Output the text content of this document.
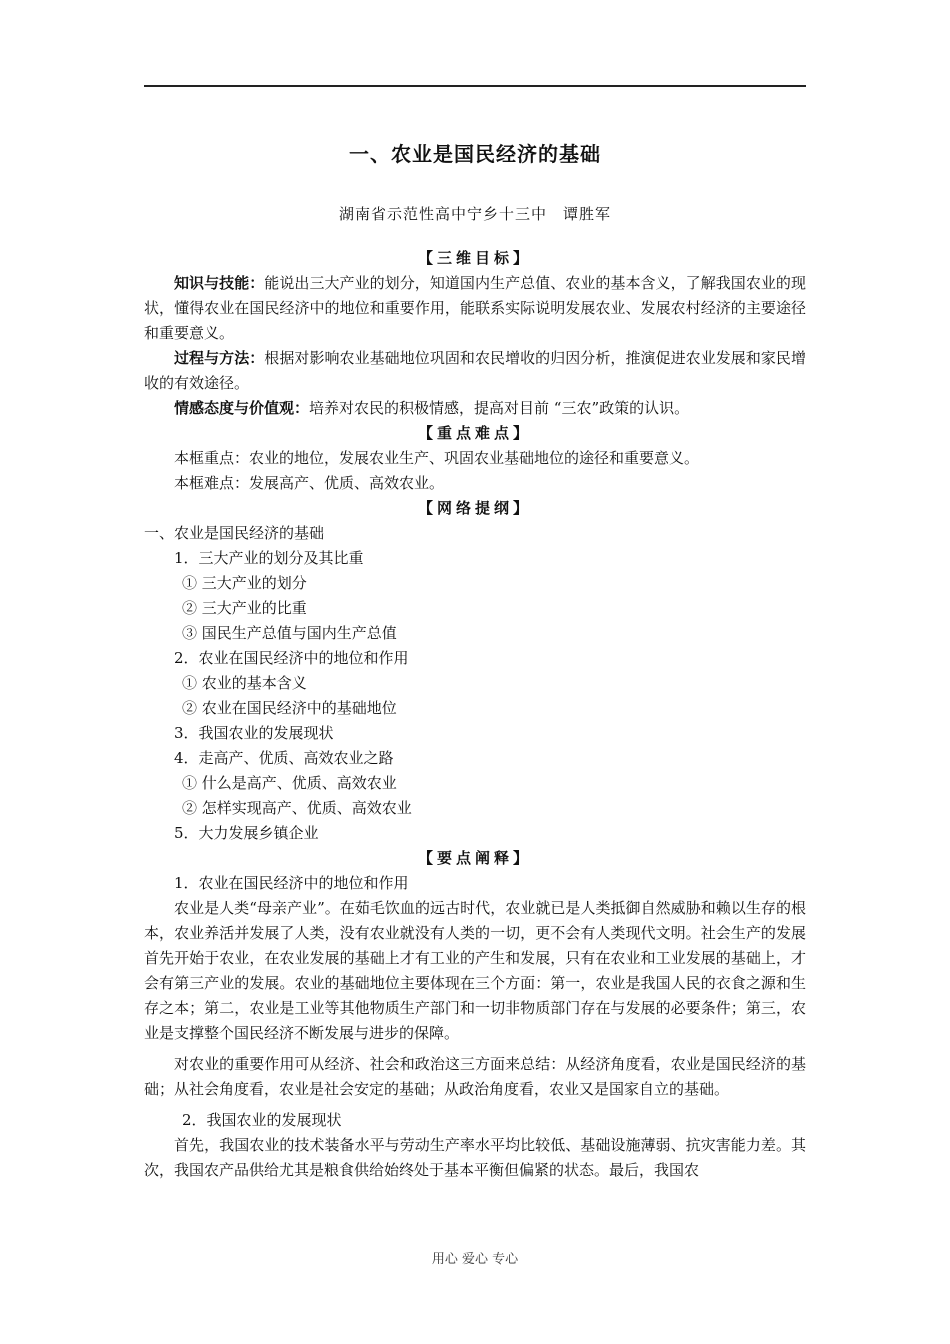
一、农业是国民经济的基础
湖南省示范性高中宁乡十三中　谭胜军
【三维目标】

知识与技能：能说出三大产业的划分，知道国内生产总值、农业的基本含义，了解我国农业的现状，懂得农业在国民经济中的地位和重要作用，能联系实际说明发展农业、发展农村经济的主要途径和重要意义。

过程与方法：根据对影响农业基础地位巩固和农民增收的归因分析，推演促进农业发展和家民增收的有效途径。

情感态度与价值观：培养对农民的积极情感，提高对目前 “三农”政策的认识。

【重点难点】

本框重点：农业的地位，发展农业生产、巩固农业基础地位的途径和重要意义。

本框难点：发展高产、优质、高效农业。

【网络提纲】

一、农业是国民经济的基础

1．三大产业的划分及其比重

① 三大产业的划分

② 三大产业的比重

③ 国民生产总值与国内生产总值

2．农业在国民经济中的地位和作用

① 农业的基本含义

② 农业在国民经济中的基础地位

3．我国农业的发展现状

4．走高产、优质、高效农业之路

① 什么是高产、优质、高效农业

② 怎样实现高产、优质、高效农业

5．大力发展乡镇企业

【要点阐释】

1．农业在国民经济中的地位和作用

农业是人类“母亲产业”。在茹毛饮血的远古时代，农业就已是人类抵御自然威胁和赖以生存的根本，农业养活并发展了人类，没有农业就没有人类的一切，更不会有人类现代文明。社会生产的发展首先开始于农业，在农业发展的基础上才有工业的产生和发展，只有在农业和工业发展的基础上，才会有第三产业的发展。农业的基础地位主要体现在三个方面：第一，农业是我国人民的衣食之源和生存之本；第二，农业是工业等其他物质生产部门和一切非物质部门存在与发展的必要条件；第三，农业是支撑整个国民经济不断发展与进步的保障。

对农业的重要作用可从经济、社会和政治这三方面来总结：从经济角度看，农业是国民经济的基础；从社会角度看，农业是社会安定的基础；从政治角度看，农业又是国家自立的基础。

2．我国农业的发展现状

首先，我国农业的技术装备水平与劳动生产率水平均比较低、基础设施薄弱、抗灾害能力差。其次，我国农产品供给尤其是粮食供给始终处于基本平衡但偏紧的状态。最后，我国农

用心 爱心 专心
